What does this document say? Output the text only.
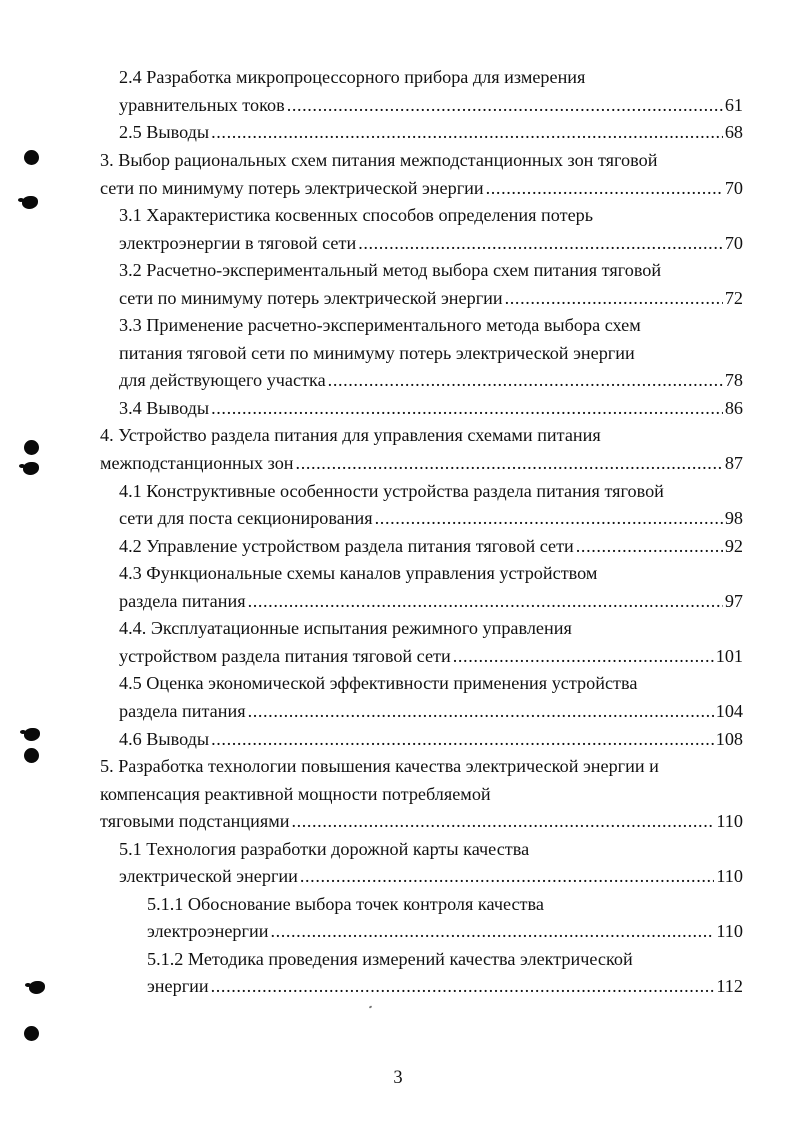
2.4 Разработка микропроцессорного прибора для измерения
уравнительных токов .....	61
2.5 Выводы .....	68
3. Выбор рациональных схем питания межподстанционных зон тяговой
сети по минимуму потерь электрической энергии .....	70
3.1 Характеристика косвенных способов определения потерь
электроэнергии в тяговой сети .....	70
3.2 Расчетно-экспериментальный метод выбора схем питания тяговой
сети по минимуму потерь электрической энергии .....	72
3.3 Применение расчетно-экспериментального метода выбора схем
питания тяговой сети по минимуму потерь электрической энергии
для действующего участка .....	78
3.4 Выводы .....	86
4. Устройство раздела питания для управления схемами питания
межподстанционных зон .....	87
4.1 Конструктивные особенности устройства раздела питания тяговой
сети для поста секционирования .....	98
4.2 Управление устройством раздела питания тяговой сети .....	92
4.3 Функциональные схемы каналов управления устройством
раздела питания .....	97
4.4. Эксплуатационные испытания режимного управления
устройством раздела питания тяговой сети .....	101
4.5 Оценка экономической эффективности применения устройства
раздела питания .....	104
4.6 Выводы .....	108
5. Разработка технологии повышения качества электрической энергии и
компенсация реактивной мощности потребляемой
тяговыми подстанциями .....	110
5.1 Технология разработки дорожной карты качества
электрической энергии .....	110
5.1.1 Обоснование выбора точек контроля качества
электроэнергии .....	110
5.1.2 Методика проведения измерений качества электрической
энергии .....	112
3
